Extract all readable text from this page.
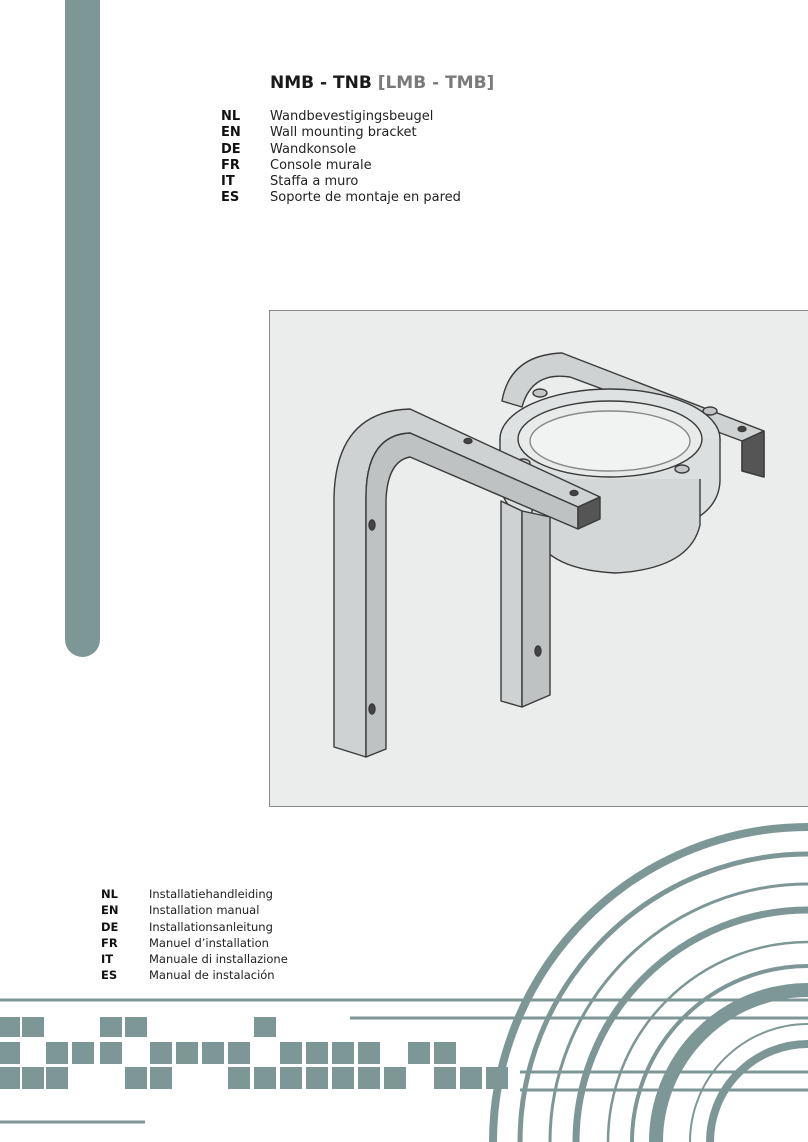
NMB - TNB [LMB - TMB]
NL	Wandbevestigingsbeugel
EN	Wall mounting bracket
DE	Wandkonsole
FR	Console murale
IT	Staffa a muro
ES	Soporte de montaje en pared
NL	Installatiehandleiding
EN	Installation manual
DE	Installationsanleitung
FR	Manuel d’installation
IT	Manuale di installazione
ES	Manual de instalación
